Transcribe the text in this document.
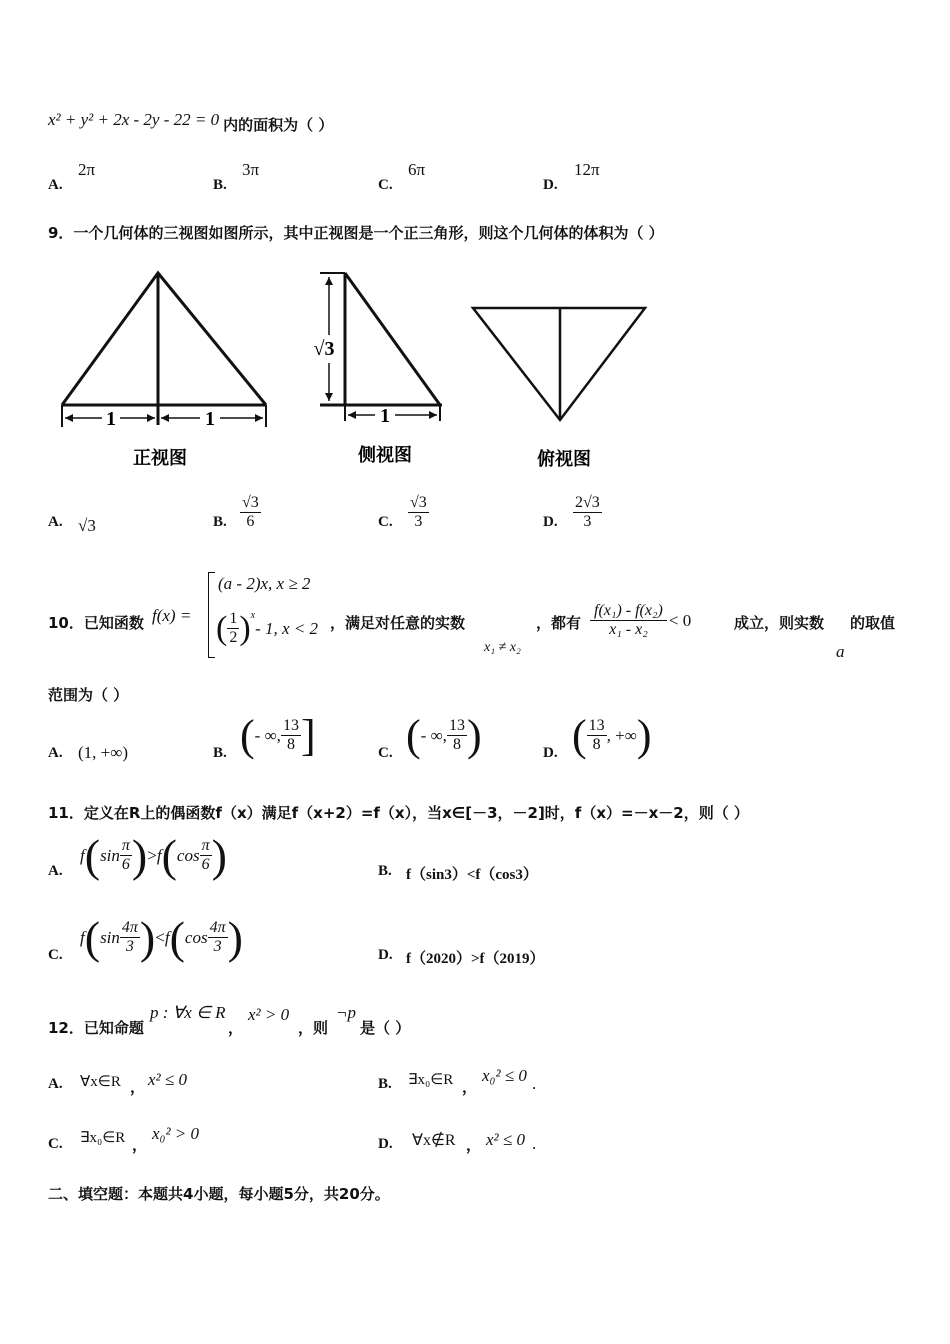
x² + y² + 2x - 2y - 22 = 0 内的面积为（ ）
A.
2π
B.
3π
C.
6π
D.
12π
9．一个几何体的三视图如图所示，其中正视图是一个正三角形，则这个几何体的体积为（ ）
1	1
√3
1
正视图	侧视图	俯视图
A. √3	B. $\frac{√3}{6}$	C. $\frac{√3}{3}$	D. $\frac{2√3}{3}$
10．已知函数 f(x) =
(a - 2)x, x ≥ 2
( $\frac{1}{2} )^x$
- 1, x < 2 ，满足对任意的实数
x₁ ≠ x₂
，都有 $\frac{\text{f(x₁) - f(x₂)}}{\text{x₁ - x₂}} < 0$	成立，则实数
a
的取值
范围为（ ）
A. (1, +∞)	B. ( - ∞, $\frac{13}{8}$ ]	C. ( - ∞, $\frac{13}{8}$ )	D. ( $\frac{13}{8}$ , +∞ )
11．定义在R上的偶函数f（x）满足f（x+2）=f（x），当x∈[－3，－2]时，f（x）=－x－2，则（ ）
A.
f ( $\sin \frac{\pi}{6}$ ) > f ( $\cos \frac{\pi}{6}$ )	B. f（sin3）<f（cos3）
C.
f ( $\sin \frac{4\pi}{3}$ ) < f ( $\cos \frac{4\pi}{3}$ )	D. f（2020）>f（2019）
12．已知命题
p : ∀x ∈ R
，
x² > 0
，则
¬p
是（ ）
A. ∀x∈R ， x² ≤ 0	B. ∃x₀∈R ，
x₀² ≤ 0 .
C. ∃x₀∈R ，
x₀² > 0
D. ∀x∉R ， x² ≤ 0 .
二、填空题：本题共4小题，每小题5分，共20分。
